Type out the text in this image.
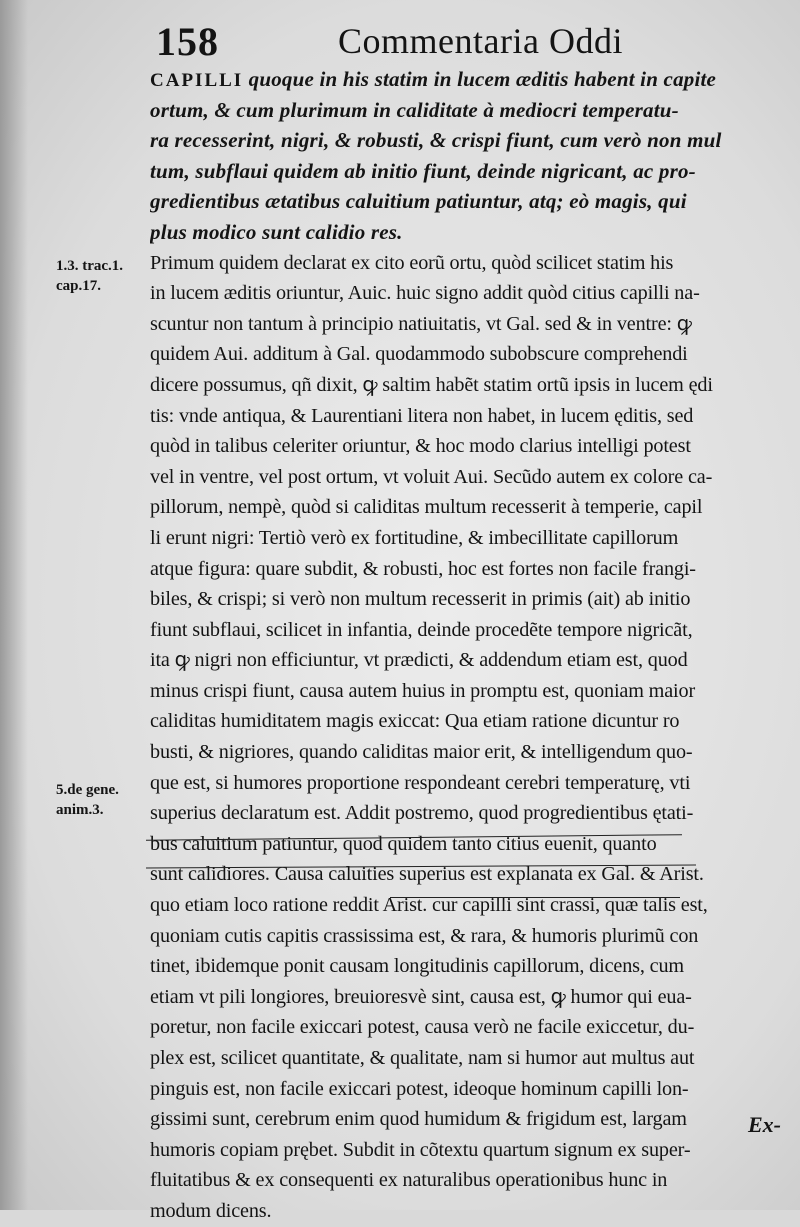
158	Commentaria Oddi
1.3. trac.1.
cap.17.
5.de gene.
anim.3.
CAPILLI quoque in his statim in lucem æditis habent in capite
ortum, & cum plurimum in caliditate à mediocri temperatu-
ra recesserint, nigri, & robusti, & crispi fiunt, cum verò non mul
tum, subflaui quidem ab initio fiunt, deinde nigricant, ac pro-
gredientibus ætatibus caluitium patiuntur, atq; eò magis, qui
plus modico sunt calidio res.
Primum quidem declarat ex cito eorũ ortu, quòd scilicet statim his
in lucem æditis oriuntur, Auic. huic signo addit quòd citius capilli na-
scuntur non tantum à principio natiuitatis, vt Gal. sed & in ventre: ꝙ
quidem Aui. additum à Gal. quodammodo subobscure comprehendi
dicere possumus, qñ dixit, ꝙ saltim habẽt statim ortũ ipsis in lucem ędi
tis: vnde antiqua, & Laurentiani litera non habet, in lucem ęditis, sed
quòd in talibus celeriter oriuntur, & hoc modo clarius intelligi potest
vel in ventre, vel post ortum, vt voluit Aui. Secũdo autem ex colore ca-
pillorum, nempè, quòd si caliditas multum recesserit à temperie, capil
li erunt nigri: Tertiò verò ex fortitudine, & imbecillitate capillorum
atque figura: quare subdit, & robusti, hoc est fortes non facile frangi-
biles, & crispi; si verò non multum recesserit in primis (ait) ab initio
fiunt subflaui, scilicet in infantia, deinde procedẽte tempore nigricãt,
ita ꝙ nigri non efficiuntur, vt prædicti, & addendum etiam est, quod
minus crispi fiunt, causa autem huius in promptu est, quoniam maior
caliditas humiditatem magis exiccat: Qua etiam ratione dicuntur ro
busti, & nigriores, quando caliditas maior erit, & intelligendum quo-
que est, si humores proportione respondeant cerebri temperaturę, vti
superius declaratum est. Addit postremo, quod progredientibus ętati-
bus caluitium patiuntur, quod quidem tanto citius euenit, quanto
sunt calidiores. Causa caluities superius est explanata ex Gal. & Arist.
quo etiam loco ratione reddit Arist. cur capilli sint crassi, quæ talis est,
quoniam cutis capitis crassissima est, & rara, & humoris plurimũ con
tinet, ibidemque ponit causam longitudinis capillorum, dicens, cum
etiam vt pili longiores, breuioresvè sint, causa est, ꝙ humor qui eua-
poretur, non facile exiccari potest, causa verò ne facile exiccetur, du-
plex est, scilicet quantitate, & qualitate, nam si humor aut multus aut
pinguis est, non facile exiccari potest, ideoque hominum capilli lon-
gissimi sunt, cerebrum enim quod humidum & frigidum est, largam
humoris copiam prębet. Subdit in cõtextu quartum signum ex super-
fluitatibus & ex consequenti ex naturalibus operationibus hunc in
modum dicens.
Ex-
